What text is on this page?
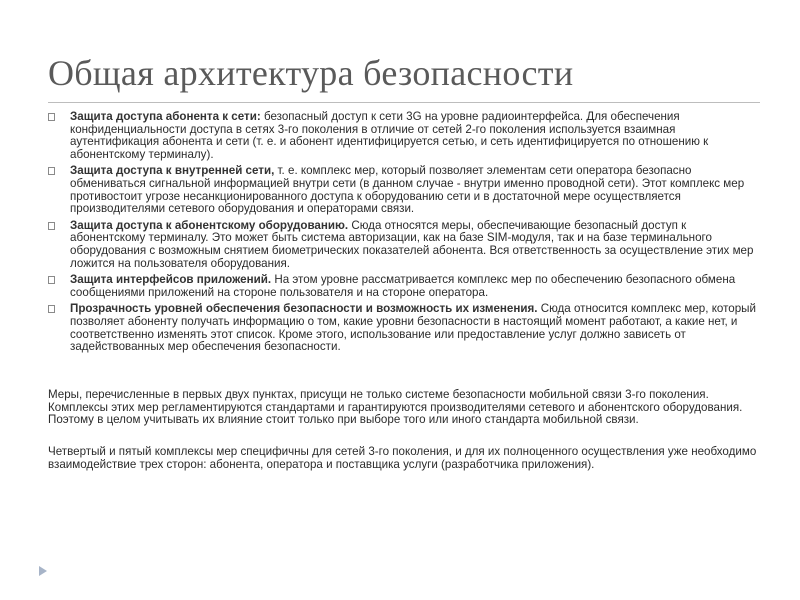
Общая архитектура безопасности
Защита доступа абонента к сети: безопасный доступ к сети 3G на уровне радиоинтерфейса. Для обеспечения конфиденциальности доступа в сетях 3-го поколения в отличие от сетей 2-го поколения используется взаимная аутентификация абонента и сети (т. е. и абонент идентифицируется сетью, и сеть идентифицируется по отношению к абонентскому терминалу).
Защита доступа к внутренней сети, т. е. комплекс мер, который позволяет элементам сети оператора безопасно обмениваться сигнальной информацией внутри сети (в данном случае - внутри именно проводной сети). Этот комплекс мер противостоит угрозе несанкционированного доступа к оборудованию сети и в достаточной мере осуществляется производителями сетевого оборудования и операторами связи.
Защита доступа к абонентскому оборудованию. Сюда относятся меры, обеспечивающие безопасный доступ к абонентскому терминалу. Это может быть система авторизации, как на базе SIM-модуля, так и на базе терминального оборудования с возможным снятием биометрических показателей абонента. Вся ответственность за осуществление этих мер ложится на пользователя оборудования.
Защита интерфейсов приложений. На этом уровне рассматривается комплекс мер по обеспечению безопасного обмена сообщениями приложений на стороне пользователя и на стороне оператора.
Прозрачность уровней обеспечения безопасности и возможность их изменения. Сюда относится комплекс мер, который позволяет абоненту получать информацию о том, какие уровни безопасности в настоящий момент работают, а какие нет, и соответственно изменять этот список. Кроме этого, использование или предоставление услуг должно зависеть от задействованных мер обеспечения безопасности.
Меры, перечисленные в первых двух пунктах, присущи не только системе безопасности мобильной связи 3-го поколения. Комплексы этих мер регламентируются стандартами и гарантируются производителями сетевого и абонентского оборудования. Поэтому в целом учитывать их влияние стоит только при выборе того или иного стандарта мобильной связи.
Четвертый и пятый комплексы мер специфичны для сетей 3-го поколения, и для их полноценного осуществления уже необходимо взаимодействие трех сторон: абонента, оператора и поставщика услуги (разработчика приложения).
